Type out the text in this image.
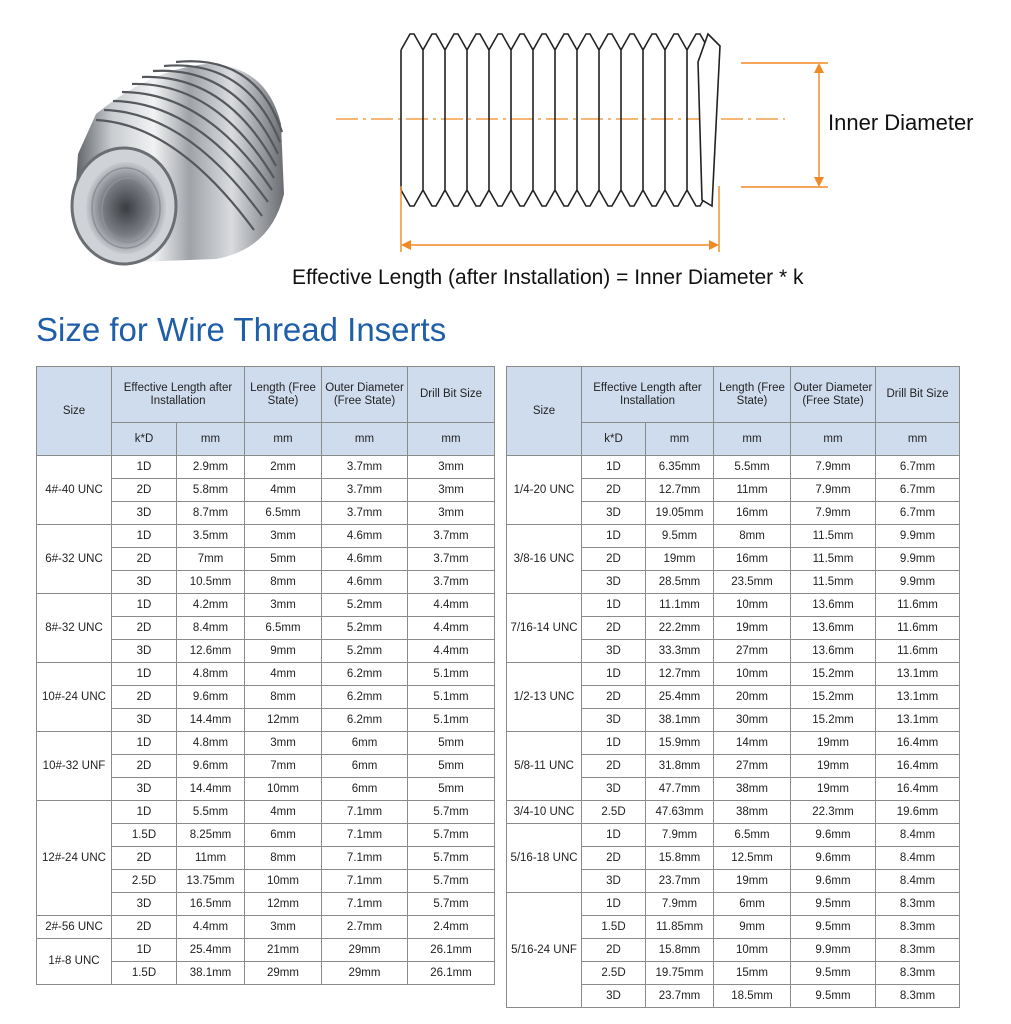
Inner Diameter
Effective Length (after Installation) = Inner Diameter * k
Size for Wire Thread Inserts
Size	Effective Length after Installation		Length (Free State)	Outer Diameter (Free State)	Drill Bit Size
	k*D	mm	mm	mm	mm
4#-40 UNC	1D	2.9mm	2mm	3.7mm	3mm
	2D	5.8mm	4mm	3.7mm	3mm
	3D	8.7mm	6.5mm	3.7mm	3mm
6#-32 UNC	1D	3.5mm	3mm	4.6mm	3.7mm
	2D	7mm	5mm	4.6mm	3.7mm
	3D	10.5mm	8mm	4.6mm	3.7mm
8#-32 UNC	1D	4.2mm	3mm	5.2mm	4.4mm
	2D	8.4mm	6.5mm	5.2mm	4.4mm
	3D	12.6mm	9mm	5.2mm	4.4mm
10#-24 UNC	1D	4.8mm	4mm	6.2mm	5.1mm
	2D	9.6mm	8mm	6.2mm	5.1mm
	3D	14.4mm	12mm	6.2mm	5.1mm
10#-32 UNF	1D	4.8mm	3mm	6mm	5mm
	2D	9.6mm	7mm	6mm	5mm
	3D	14.4mm	10mm	6mm	5mm
12#-24 UNC	1D	5.5mm	4mm	7.1mm	5.7mm
	1.5D	8.25mm	6mm	7.1mm	5.7mm
	2D	11mm	8mm	7.1mm	5.7mm
	2.5D	13.75mm	10mm	7.1mm	5.7mm
	3D	16.5mm	12mm	7.1mm	5.7mm
2#-56 UNC	2D	4.4mm	3mm	2.7mm	2.4mm
1#-8 UNC	1D	25.4mm	21mm	29mm	26.1mm
	1.5D	38.1mm	29mm	29mm	26.1mm
Size	Effective Length after Installation		Length (Free State)	Outer Diameter (Free State)	Drill Bit Size
	k*D	mm	mm	mm	mm
1/4-20 UNC	1D	6.35mm	5.5mm	7.9mm	6.7mm
	2D	12.7mm	11mm	7.9mm	6.7mm
	3D	19.05mm	16mm	7.9mm	6.7mm
3/8-16 UNC	1D	9.5mm	8mm	11.5mm	9.9mm
	2D	19mm	16mm	11.5mm	9.9mm
	3D	28.5mm	23.5mm	11.5mm	9.9mm
7/16-14 UNC	1D	11.1mm	10mm	13.6mm	11.6mm
	2D	22.2mm	19mm	13.6mm	11.6mm
	3D	33.3mm	27mm	13.6mm	11.6mm
1/2-13 UNC	1D	12.7mm	10mm	15.2mm	13.1mm
	2D	25.4mm	20mm	15.2mm	13.1mm
	3D	38.1mm	30mm	15.2mm	13.1mm
5/8-11 UNC	1D	15.9mm	14mm	19mm	16.4mm
	2D	31.8mm	27mm	19mm	16.4mm
	3D	47.7mm	38mm	19mm	16.4mm
3/4-10 UNC	2.5D	47.63mm	38mm	22.3mm	19.6mm
5/16-18 UNC	1D	7.9mm	6.5mm	9.6mm	8.4mm
	2D	15.8mm	12.5mm	9.6mm	8.4mm
	3D	23.7mm	19mm	9.6mm	8.4mm
5/16-24 UNF	1D	7.9mm	6mm	9.5mm	8.3mm
	1.5D	11.85mm	9mm	9.5mm	8.3mm
	2D	15.8mm	10mm	9.9mm	8.3mm
	2.5D	19.75mm	15mm	9.5mm	8.3mm
	3D	23.7mm	18.5mm	9.5mm	8.3mm
